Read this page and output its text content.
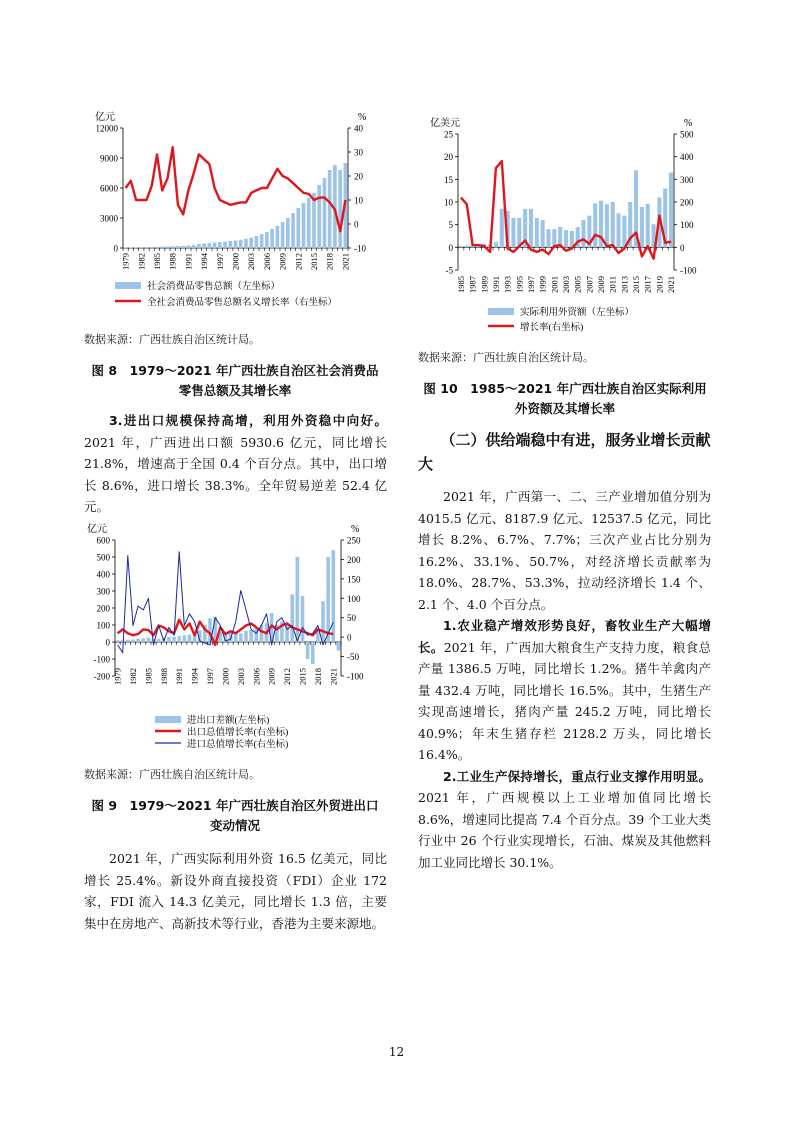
亿元	%
0
3000
6000
9000
12000
-10
0
10
20
30
40
1979 1982 1985 1988 1991 1994 1997 2000 2003 2006 2009 2012 2015 2018 2021
社会消费品零售总额（左坐标）
全社会消费品零售总额名义增长率（右坐标）
数据来源：广西壮族自治区统计局。
图 8　1979～2021 年广西壮族自治区社会消费品
零售总额及其增长率

3.进出口规模保持高增，利用外资稳中向好。2021 年，广西进出口额 5930.6 亿元，同比增长 21.8%，增速高于全国 0.4 个百分点。其中，出口增长 8.6%，进口增长 38.3%。全年贸易逆差 52.4 亿元。

亿元	%
-200
-100
0
100
200
300
400
500
600
-100
-50
0
50
100
150
200
250
1979 1982 1985 1988 1991 1994 1997 2000 2003 2006 2009 2012 2015 2018 2021
进出口差额(左坐标)
出口总值增长率(右坐标)
进口总值增长率(右坐标)
数据来源：广西壮族自治区统计局。
图 9　1979～2021 年广西壮族自治区外贸进出口
变动情况

2021 年，广西实际利用外资 16.5 亿美元，同比增长 25.4%。新设外商直接投资（FDI）企业 172 家，FDI 流入 14.3 亿美元，同比增长 1.3 倍，主要集中在房地产、高新技术等行业，香港为主要来源地。

亿美元	%
-5
0
5
10
15
20
25
-100
0
100
200
300
400
500
1985 1987 1989 1991 1993 1995 1997 1999 2001 2003 2005 2007 2009 2011 2013 2015 2017 2019 2021
实际利用外资额（左坐标）
增长率(右坐标)
数据来源：广西壮族自治区统计局。
图 10　1985～2021 年广西壮族自治区实际利用
外资额及其增长率

（二）供给端稳中有进，服务业增长贡献大

2021 年，广西第一、二、三产业增加值分别为 4015.5 亿元、8187.9 亿元、12537.5 亿元，同比增长 8.2%、6.7%、7.7%；三次产业占比分别为 16.2%、33.1%、50.7%，对经济增长贡献率为 18.0%、28.7%、53.3%，拉动经济增长 1.4 个、2.1 个、4.0 个百分点。

1.农业稳产增效形势良好，畜牧业生产大幅增长。2021 年，广西加大粮食生产支持力度，粮食总产量 1386.5 万吨，同比增长 1.2%。猪牛羊禽肉产量 432.4 万吨，同比增长 16.5%。其中，生猪生产实现高速增长，猪肉产量 245.2 万吨，同比增长 40.9%；年末生猪存栏 2128.2 万头，同比增长 16.4%。

2.工业生产保持增长，重点行业支撑作用明显。2021 年，广西规模以上工业增加值同比增长 8.6%，增速同比提高 7.4 个百分点。39 个工业大类行业中 26 个行业实现增长，石油、煤炭及其他燃料加工业同比增长 30.1%。

12
